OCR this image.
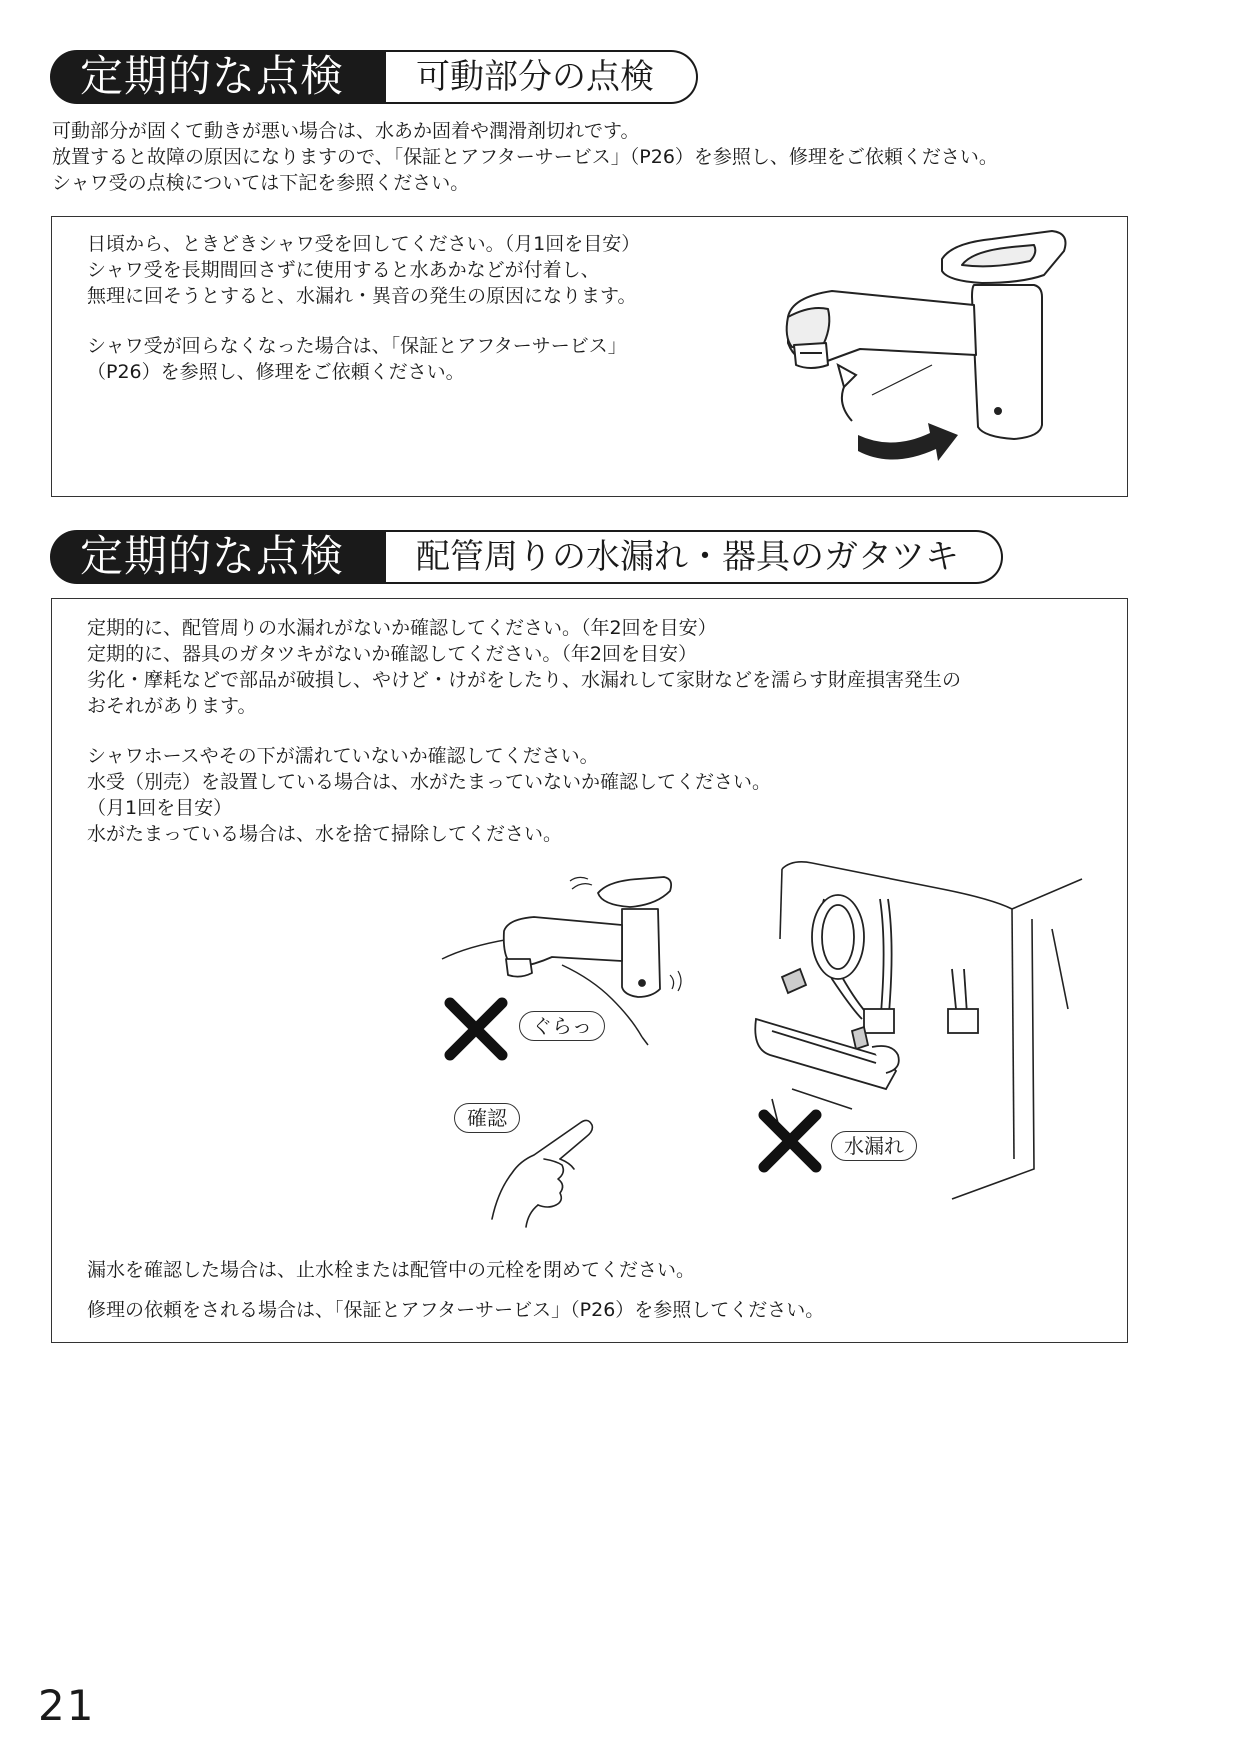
定期的な点検	可動部分の点検

可動部分が固くて動きが悪い場合は、水あか固着や潤滑剤切れです。

放置すると故障の原因になりますので、「保証とアフターサービス」（P26）を参照し、修理をご依頼ください。

シャワ受の点検については下記を参照ください。

日頃から、ときどきシャワ受を回してください。（月1回を目安）

シャワ受を長期間回さずに使用すると水あかなどが付着し、

無理に回そうとすると、水漏れ・異音の発生の原因になります。

シャワ受が回らなくなった場合は、「保証とアフターサービス」

（P26）を参照し、修理をご依頼ください。

定期的な点検	配管周りの水漏れ・器具のガタツキ

定期的に、配管周りの水漏れがないか確認してください。（年2回を目安）

定期的に、器具のガタツキがないか確認してください。（年2回を目安）

劣化・摩耗などで部品が破損し、やけど・けがをしたり、水漏れして家財などを濡らす財産損害発生の

おそれがあります。

シャワホースやその下が濡れていないか確認してください。

水受（別売）を設置している場合は、水がたまっていないか確認してください。

（月1回を目安）

水がたまっている場合は、水を捨て掃除してください。

ぐらっ
確認
水漏れ
漏水を確認した場合は、止水栓または配管中の元栓を閉めてください。
修理の依頼をされる場合は、「保証とアフターサービス」（P26）を参照してください。
21
